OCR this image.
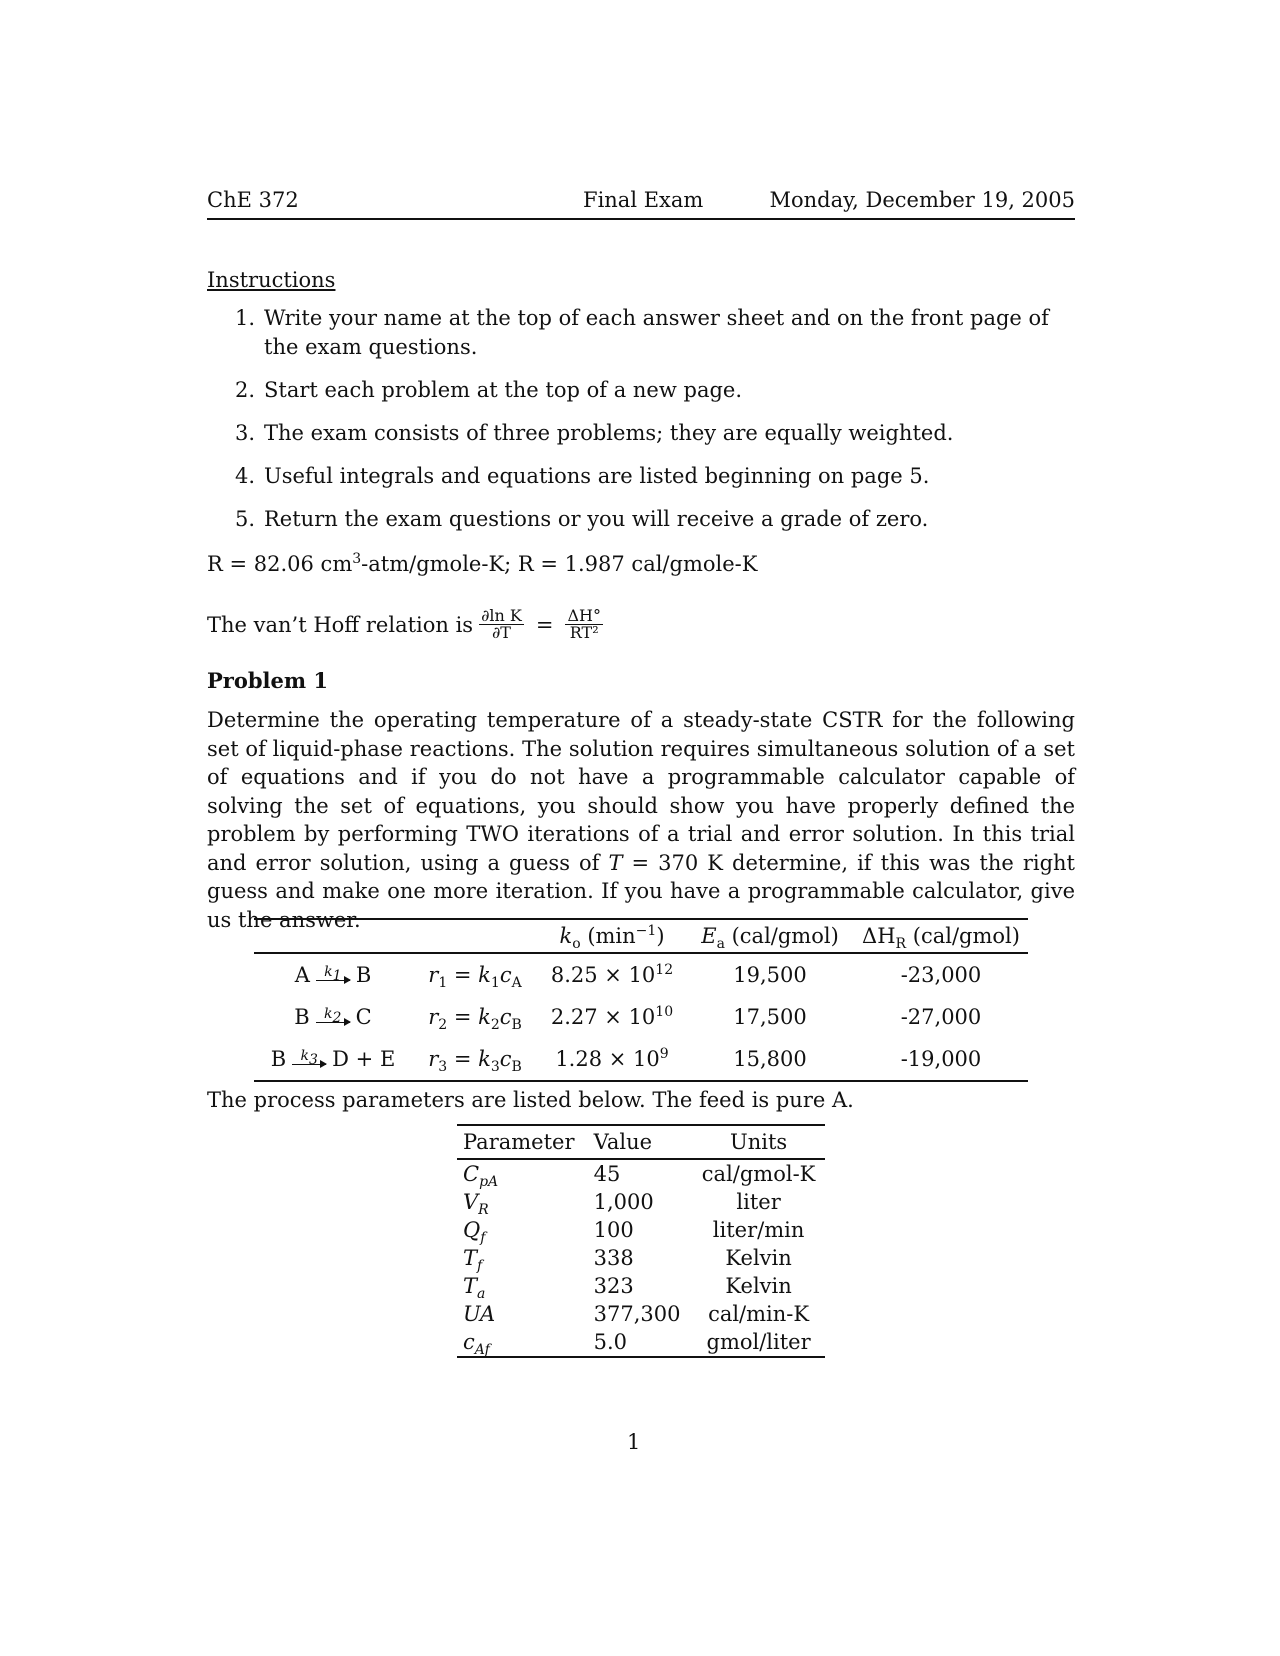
ChE 372	Final Exam	Monday, December 19, 2005
Instructions
1. Write your name at the top of each answer sheet and on the front page of the exam questions.
2. Start each problem at the top of a new page.
3. The exam consists of three problems; they are equally weighted.
4. Useful integrals and equations are listed beginning on page 5.
5. Return the exam questions or you will receive a grade of zero.
R = 82.06 $cm^3-atm/gmole-K$; R = 1.987 cal/gmole-K
The van’t Hoff relation is $\frac{\text{∂ln K}}{\partial T} = \frac{\Delta H^\circ}{\text{RT²}}$
Problem 1
Determine the operating temperature of a steady-state CSTR for the following set of liquid-phase reactions. The solution requires simultaneous solution of a set of equations and if you do not have a programmable calculator capable of solving the set of equations, you should show you have properly defined the problem by performing TWO iterations of a trial and error solution. In this trial and error solution, using a guess of T = 370 K determine, if this was the right guess and make one more iteration. If you have a programmable calculator, give us the answer.
		$k_o$ $(\min^{-1})$	$E_a$ (cal/gmol)	$\Delta H_R$ (cal/gmol)
A $k_1$ B	$r_1 = k_1c_A$	$8.25 \times 10^{12}$	19,500	-23,000
B $k_2$ C	$r_2 = k_2c_B$	$2.27 \times 10^{10}$	17,500	-27,000
B $k_3$ D + E	$r_3 = k_3c_B$	$1.28 \times 10^9$	15,800	-19,000
The process parameters are listed below. The feed is pure A.
Parameter	Value	Units
$C_{pA}$	45	cal/gmol-K
$V_R$	1,000	liter
$Q_f$	100	liter/min
$T_f$	338	Kelvin
$T_a$	323	Kelvin
UA	377,300	cal/min-K
$c_{Af}$	5.0	gmol/liter
1
